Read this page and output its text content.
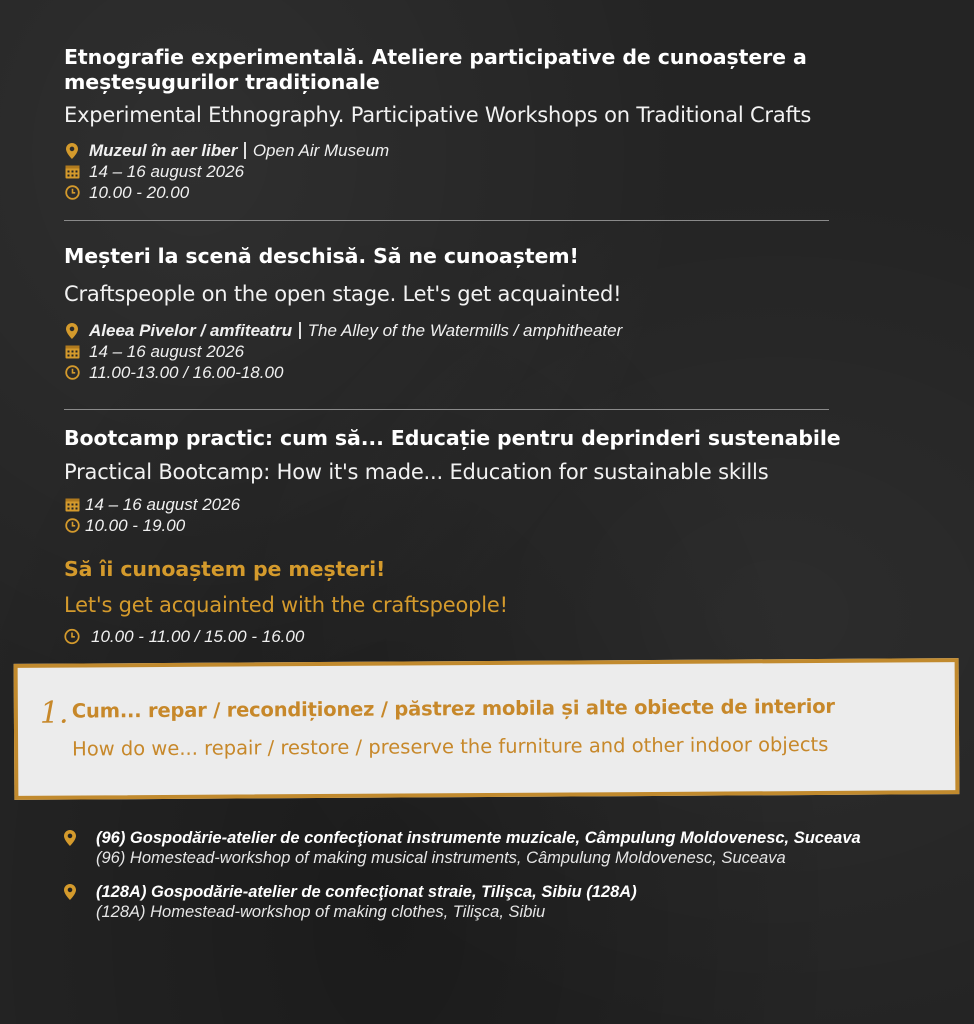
Etnografie experimentală. Ateliere participative de cunoaștere a meșteșugurilor tradiționale
Experimental Ethnography. Participative Workshops on Traditional Crafts
Muzeul în aer liber Open Air Museum
14 – 16 august 2026
10.00 - 20.00
Meșteri la scenă deschisă. Să ne cunoaștem!
Craftspeople on the open stage. Let's get acquainted!
Aleea Pivelor / amfiteatru The Alley of the Watermills / amphitheater
14 – 16 august 2026
11.00-13.00 / 16.00-18.00
Bootcamp practic: cum să... Educație pentru deprinderi sustenabile
Practical Bootcamp: How it's made... Education for sustainable skills
14 – 16 august 2026
10.00 - 19.00
Să îi cunoaștem pe meșteri!
Let's get acquainted with the craftspeople!
10.00 - 11.00 / 15.00 - 16.00
1. Cum... repar / recondiționez / păstrez mobila și alte obiecte de interior
How do we... repair / restore / preserve the furniture and other indoor objects
(96) Gospodărie-atelier de confecţionat instrumente muzicale, Câmpulung Moldovenesc, Suceava
(96) Homestead-workshop of making musical instruments, Câmpulung Moldovenesc, Suceava
(128A) Gospodărie-atelier de confecţionat straie, Tilişca, Sibiu (128A)
(128A) Homestead-workshop of making clothes, Tilişca, Sibiu
